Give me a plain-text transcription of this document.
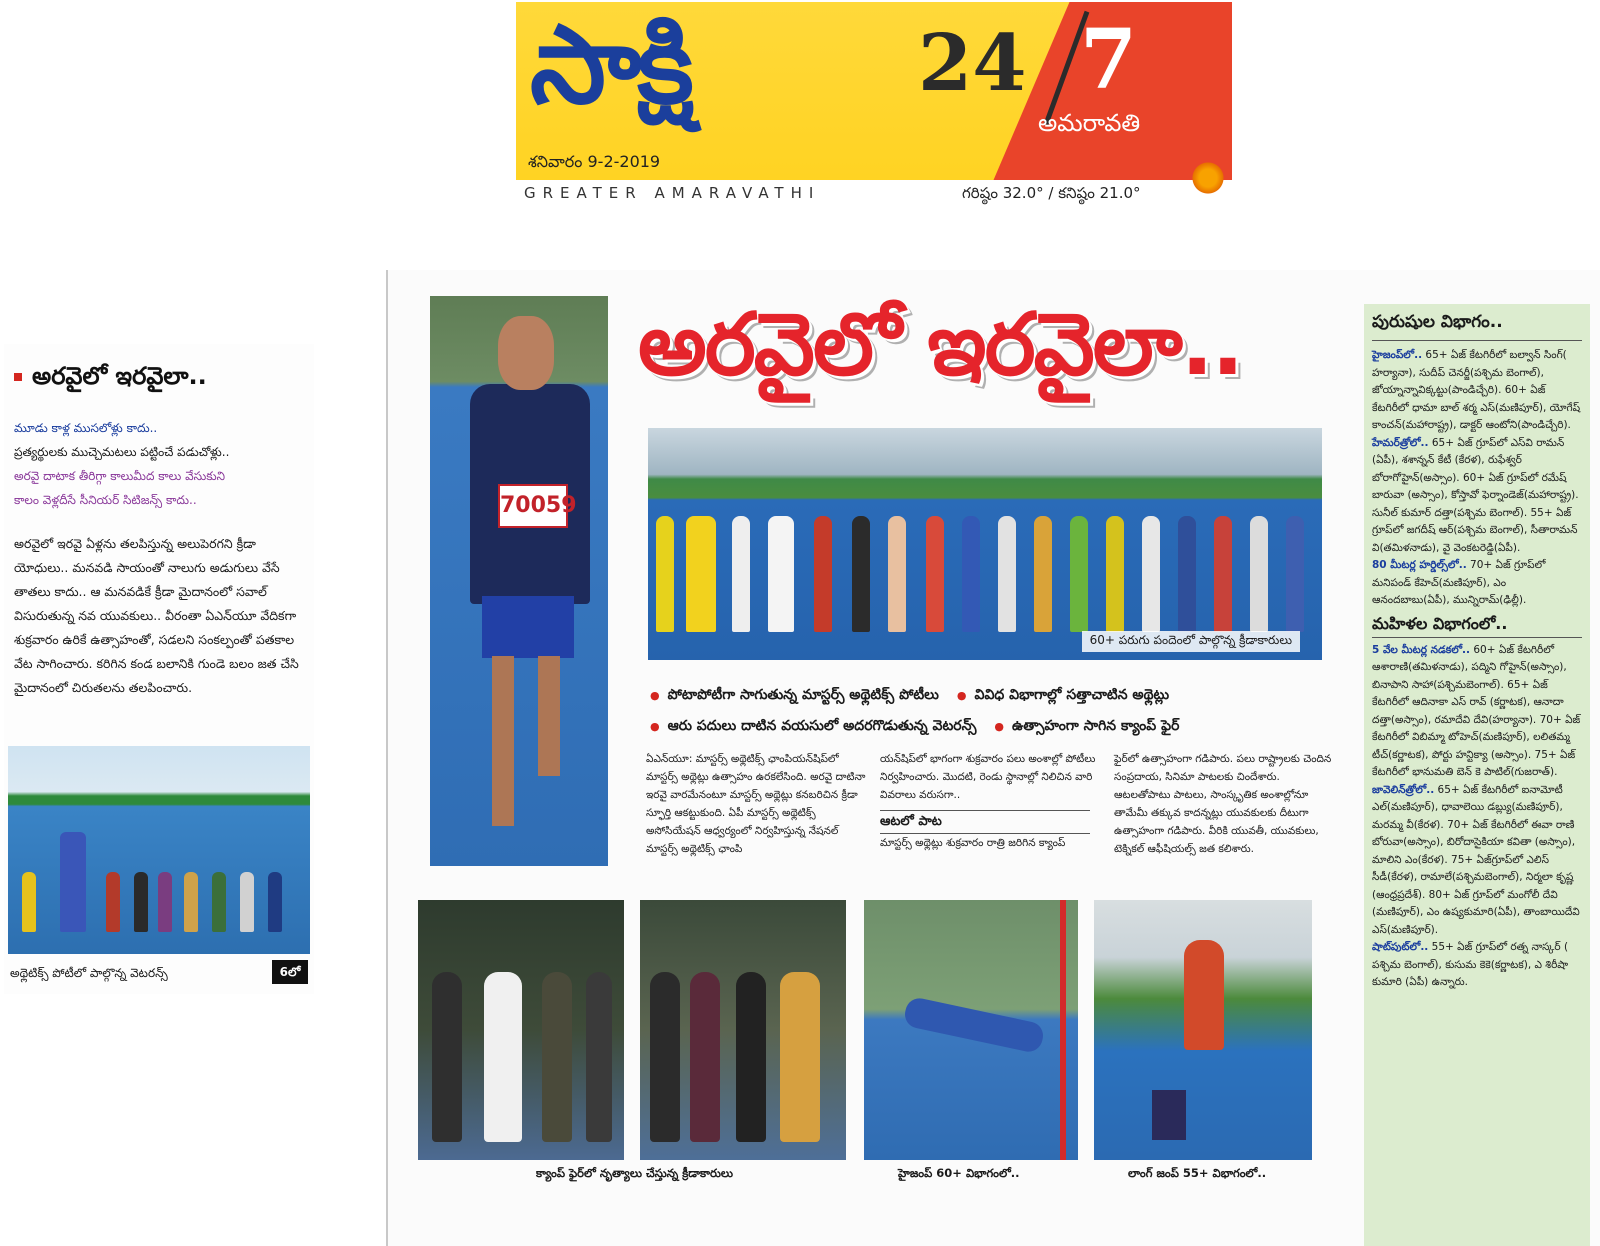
సాక్షి	24 7
అమరావతి
శనివారం 9-2-2019
GREATER AMARAVATHI	గరిష్ఠం 32.0° / కనిష్ఠం 21.0°
అరవైలో ఇరవైలా..
మూడు కాళ్ల ముసలోళ్లు కాదు..
ప్రత్యర్థులకు ముచ్చెమటలు పట్టించే పడుచోళ్లు..
అరవై దాటాక తీరిగ్గా కాలుమీద కాలు వేసుకుని
కాలం వెళ్లదీసే సీనియర్ సిటిజన్స్ కాదు..
అరవైలో ఇరవై ఏళ్లను తలపిస్తున్న అలుపెరగని క్రీడా యోధులు.. మనవడి సాయంతో నాలుగు అడుగులు వేసే తాతలు కాదు.. ఆ మనవడికే క్రీడా మైదానంలో సవాల్ విసురుతున్న నవ యువకులు.. వీరంతా ఏఎన్‌యూ వేదికగా శుక్రవారం ఉరికే ఉత్సాహంతో, సడలని సంకల్పంతో పతకాల వేట సాగించారు. కరిగిన కండ బలానికి గుండె బలం జత చేసి మైదానంలో చిరుతలను తలపించారు.
అథ్లెటిక్స్ పోటీలో పాల్గొన్న వెటరన్స్	6లో
70059
అరవైలో ఇరవైలా..
60+ పరుగు పందెంలో పాల్గొన్న క్రీడాకారులు
● పోటాపోటీగా సాగుతున్న మాస్టర్స్ అథ్లెటిక్స్ పోటీలు	● వివిధ విభాగాల్లో సత్తాచాటిన అథ్లెట్లు
● ఆరు పదులు దాటిన వయసులో అదరగొడుతున్న వెటరన్స్	● ఉత్సాహంగా సాగిన క్యాంప్ ఫైర్
ఏఎన్‌యూ: మాస్టర్స్ అథ్లెటిక్స్ ఛాంపియన్‌షిప్‌లో మాస్టర్స్ అథ్లెట్లు ఉత్సాహం ఉరకలేసింది. అరవై దాటినా ఇరవై వారమేనంటూ మాస్టర్స్ అథ్లెట్లు కనబరిచిన క్రీడా స్ఫూర్తి ఆకట్టుకుంది. ఏపీ మాస్టర్స్ అథ్లెటిక్స్ అసోసియేషన్ ఆధ్వర్యంలో నిర్వహిస్తున్న నేషనల్ మాస్టర్స్ అథ్లెటిక్స్ ఛాంపి
యన్‌షిప్‌లో భాగంగా శుక్రవారం పలు అంశాల్లో పోటీలు నిర్వహించారు. మొదటి, రెండు స్థానాల్లో నిలిచిన వారి వివరాలు వరుసగా..
ఆటలో పాట
మాస్టర్స్ అథ్లెట్లు శుక్రవారం రాత్రి జరిగిన క్యాంప్
ఫైర్‌లో ఉత్సాహంగా గడిపారు. పలు రాష్ట్రాలకు చెందిన సంప్రదాయ, సినిమా పాటలకు చిందేశారు. ఆటలతోపాటు పాటలు, సాంస్కృతిక అంశాల్లోనూ తామేమీ తక్కువ కాదన్నట్లు యువకులకు దీటుగా ఉత్సాహంగా గడిపారు. వీరికి యువతీ, యువకులు, టెక్నికల్ ఆఫీషియల్స్ జత కలిశారు.
క్యాంప్ ఫైర్‌లో నృత్యాలు చేస్తున్న క్రీడాకారులు	హైజంప్ 60+ విభాగంలో..	లాంగ్ జంప్ 55+ విభాగంలో..
పురుషుల విభాగం..

హైజంప్‌లో.. 65+ ఏజ్ కేటగిరీలో బల్వాన్ సింగ్( హర్యానా), సుదీప్ చెనర్జీ(పశ్చిమ బెంగాల్), జోయ్నాన్నావిక్కట్టు(పాండిచ్చేరి). 60+ ఏజ్ కేటగిరీలో ధామా బాల్ శర్మ ఎస్(మణిపూర్), యోగేష్ కాంచన్(మహారాష్ట్ర), డాక్టర్ ఆంటోని(పాండిచ్చేరి).

హేమర్‌త్రోలో.. 65+ ఏజ్ గ్రూప్‌లో ఎస్‌వి రామన్ (ఏపీ), శశాన్నన్ కేటీ (కేరళ), రుఫేశ్వర్ బోరాగోహైన్(అస్సాం). 60+ ఏజ్ గ్రూప్‌లో రమేష్ బారువా (అస్సాం), కోస్తావో ఫెర్నాండెజ్(మహారాష్ట్ర). సునీల్ కుమార్ దత్తా(పశ్చిమ బెంగాల్). 55+ ఏజ్ గ్రూప్‌లో జగదీష్ ఆర్(పశ్చిమ బెంగాల్), సీతారామన్ వి(తమిళనాడు), వై వెంకటరెడ్డి(ఏపీ).

80 మీటర్ల హర్డిల్స్‌లో.. 70+ ఏజ్ గ్రూప్‌లో మనిపండ్ కేహెచ్(మణిపూర్), ఎం ఆనందబాబు(ఏపీ), మున్నిరామ్(ఢిల్లీ).

మహిళల విభాగంలో..

5 వేల మీటర్ల నడకలో.. 60+ ఏజ్ కేటగిరీలో ఆశారాణి(తమిళనాడు), పద్మిని గోహైన్(అస్సాం), బినాపాని సాహా(పశ్చిమబెంగాల్). 65+ ఏజ్ కేటగిరీలో ఆదినాకా ఎస్ రావ్ (కర్ణాటక), ఆనాదా దత్తా(అస్సాం), రమాదేవి దేవి(హర్యానా). 70+ ఏజ్ కేటగిరీలో విబిమ్మా టోహెచ్(మణిపూర్), లలితమ్మ టీచ్(కర్ణాటక), పోర్టు హన్టిక్యా (అస్సాం). 75+ ఏజ్ కేటగిరీలో భానుమతి బెన్ కె పాటిల్(గుజరాత్).

జావెలిన్‌త్రోలో.. 65+ ఏజ్ కేటగిరీలో ఐనామోటీ ఎల్(మణిపూర్), ధావాలెయి డబ్ల్యు(మణిపూర్), మరమ్మ వీ(కేరళ). 70+ ఏజ్ కేటగిరీలో ఈవా రాణి బోరువా(అస్సాం), బిరోదాసైకియా కవితా (అస్సాం), మాలిని ఎం(కేరళ). 75+ ఏజ్‌గ్రూప్‌లో ఎలిస్ సీడీ(కేరళ), రామాలే(పశ్చిమబెంగాల్), నిర్మలా కృష్ణ (ఆంధ్రప్రదేశ్). 80+ ఏజ్ గ్రూప్‌లో మంగోలీ దేవి (మణిపూర్), ఎం ఉష్యకుమారి(ఏపీ), తాంబాయిదేవి ఎస్(మణిపూర్).

షాట్‌పుట్‌లో.. 55+ ఏజ్ గ్రూప్‌లో రత్న నాస్కర్ ( పశ్చిమ బెంగాల్), కుసుమ కెకె(కర్ణాటక), ఎ శిరీషా కుమారి (ఏపీ) ఉన్నారు.
